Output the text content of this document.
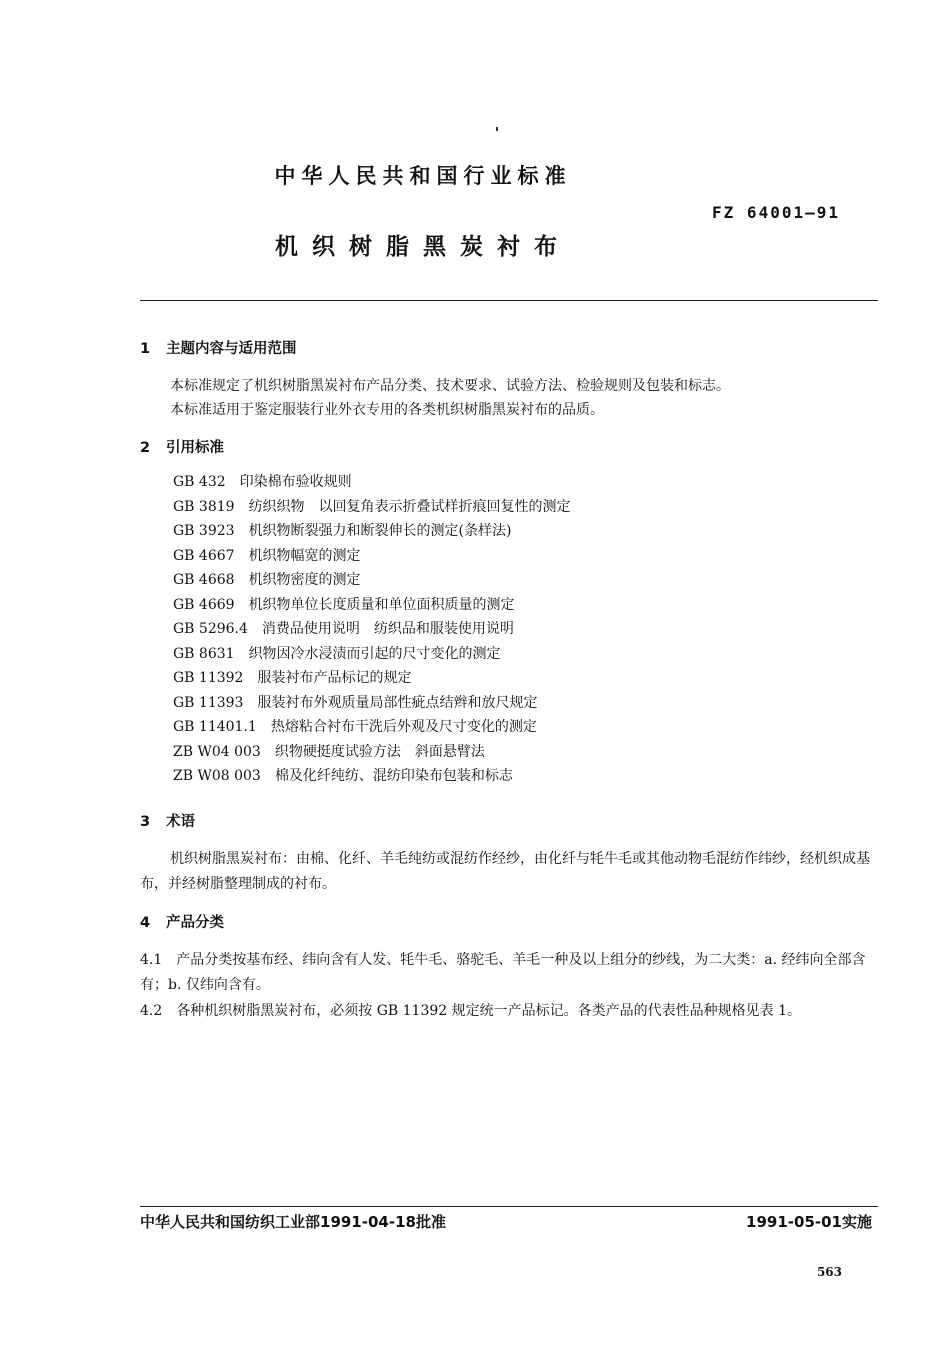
中华人民共和国行业标准
FZ 64001—91
机织树脂黑炭衬布
1 主题内容与适用范围
本标准规定了机织树脂黑炭衬布产品分类、技术要求、试验方法、检验规则及包装和标志。
本标准适用于鉴定服装行业外衣专用的各类机织树脂黑炭衬布的品质。
2 引用标准
GB 432 印染棉布验收规则
GB 3819 纺织织物　以回复角表示折叠试样折痕回复性的测定
GB 3923 机织物断裂强力和断裂伸长的测定(条样法)
GB 4667 机织物幅宽的测定
GB 4668 机织物密度的测定
GB 4669 机织物单位长度质量和单位面积质量的测定
GB 5296.4 消费品使用说明　纺织品和服装使用说明
GB 8631 织物因冷水浸渍而引起的尺寸变化的测定
GB 11392 服装衬布产品标记的规定
GB 11393 服装衬布外观质量局部性疵点结辫和放尺规定
GB 11401.1 热熔粘合衬布干洗后外观及尺寸变化的测定
ZB W04 003 织物硬挺度试验方法　斜面悬臂法
ZB W08 003 棉及化纤纯纺、混纺印染布包装和标志
3 术语
机织树脂黑炭衬布：由棉、化纤、羊毛纯纺或混纺作经纱，由化纤与牦牛毛或其他动物毛混纺作纬纱，经机织成基布，并经树脂整理制成的衬布。
4 产品分类
4.1　产品分类按基布经、纬向含有人发、牦牛毛、骆驼毛、羊毛一种及以上组分的纱线，为二大类：a. 经纬向全部含有；b. 仅纬向含有。
4.2　各种机织树脂黑炭衬布，必须按 GB 11392 规定统一产品标记。各类产品的代表性品种规格见表 1。
中华人民共和国纺织工业部1991-04-18批准	1991-05-01实施
563
